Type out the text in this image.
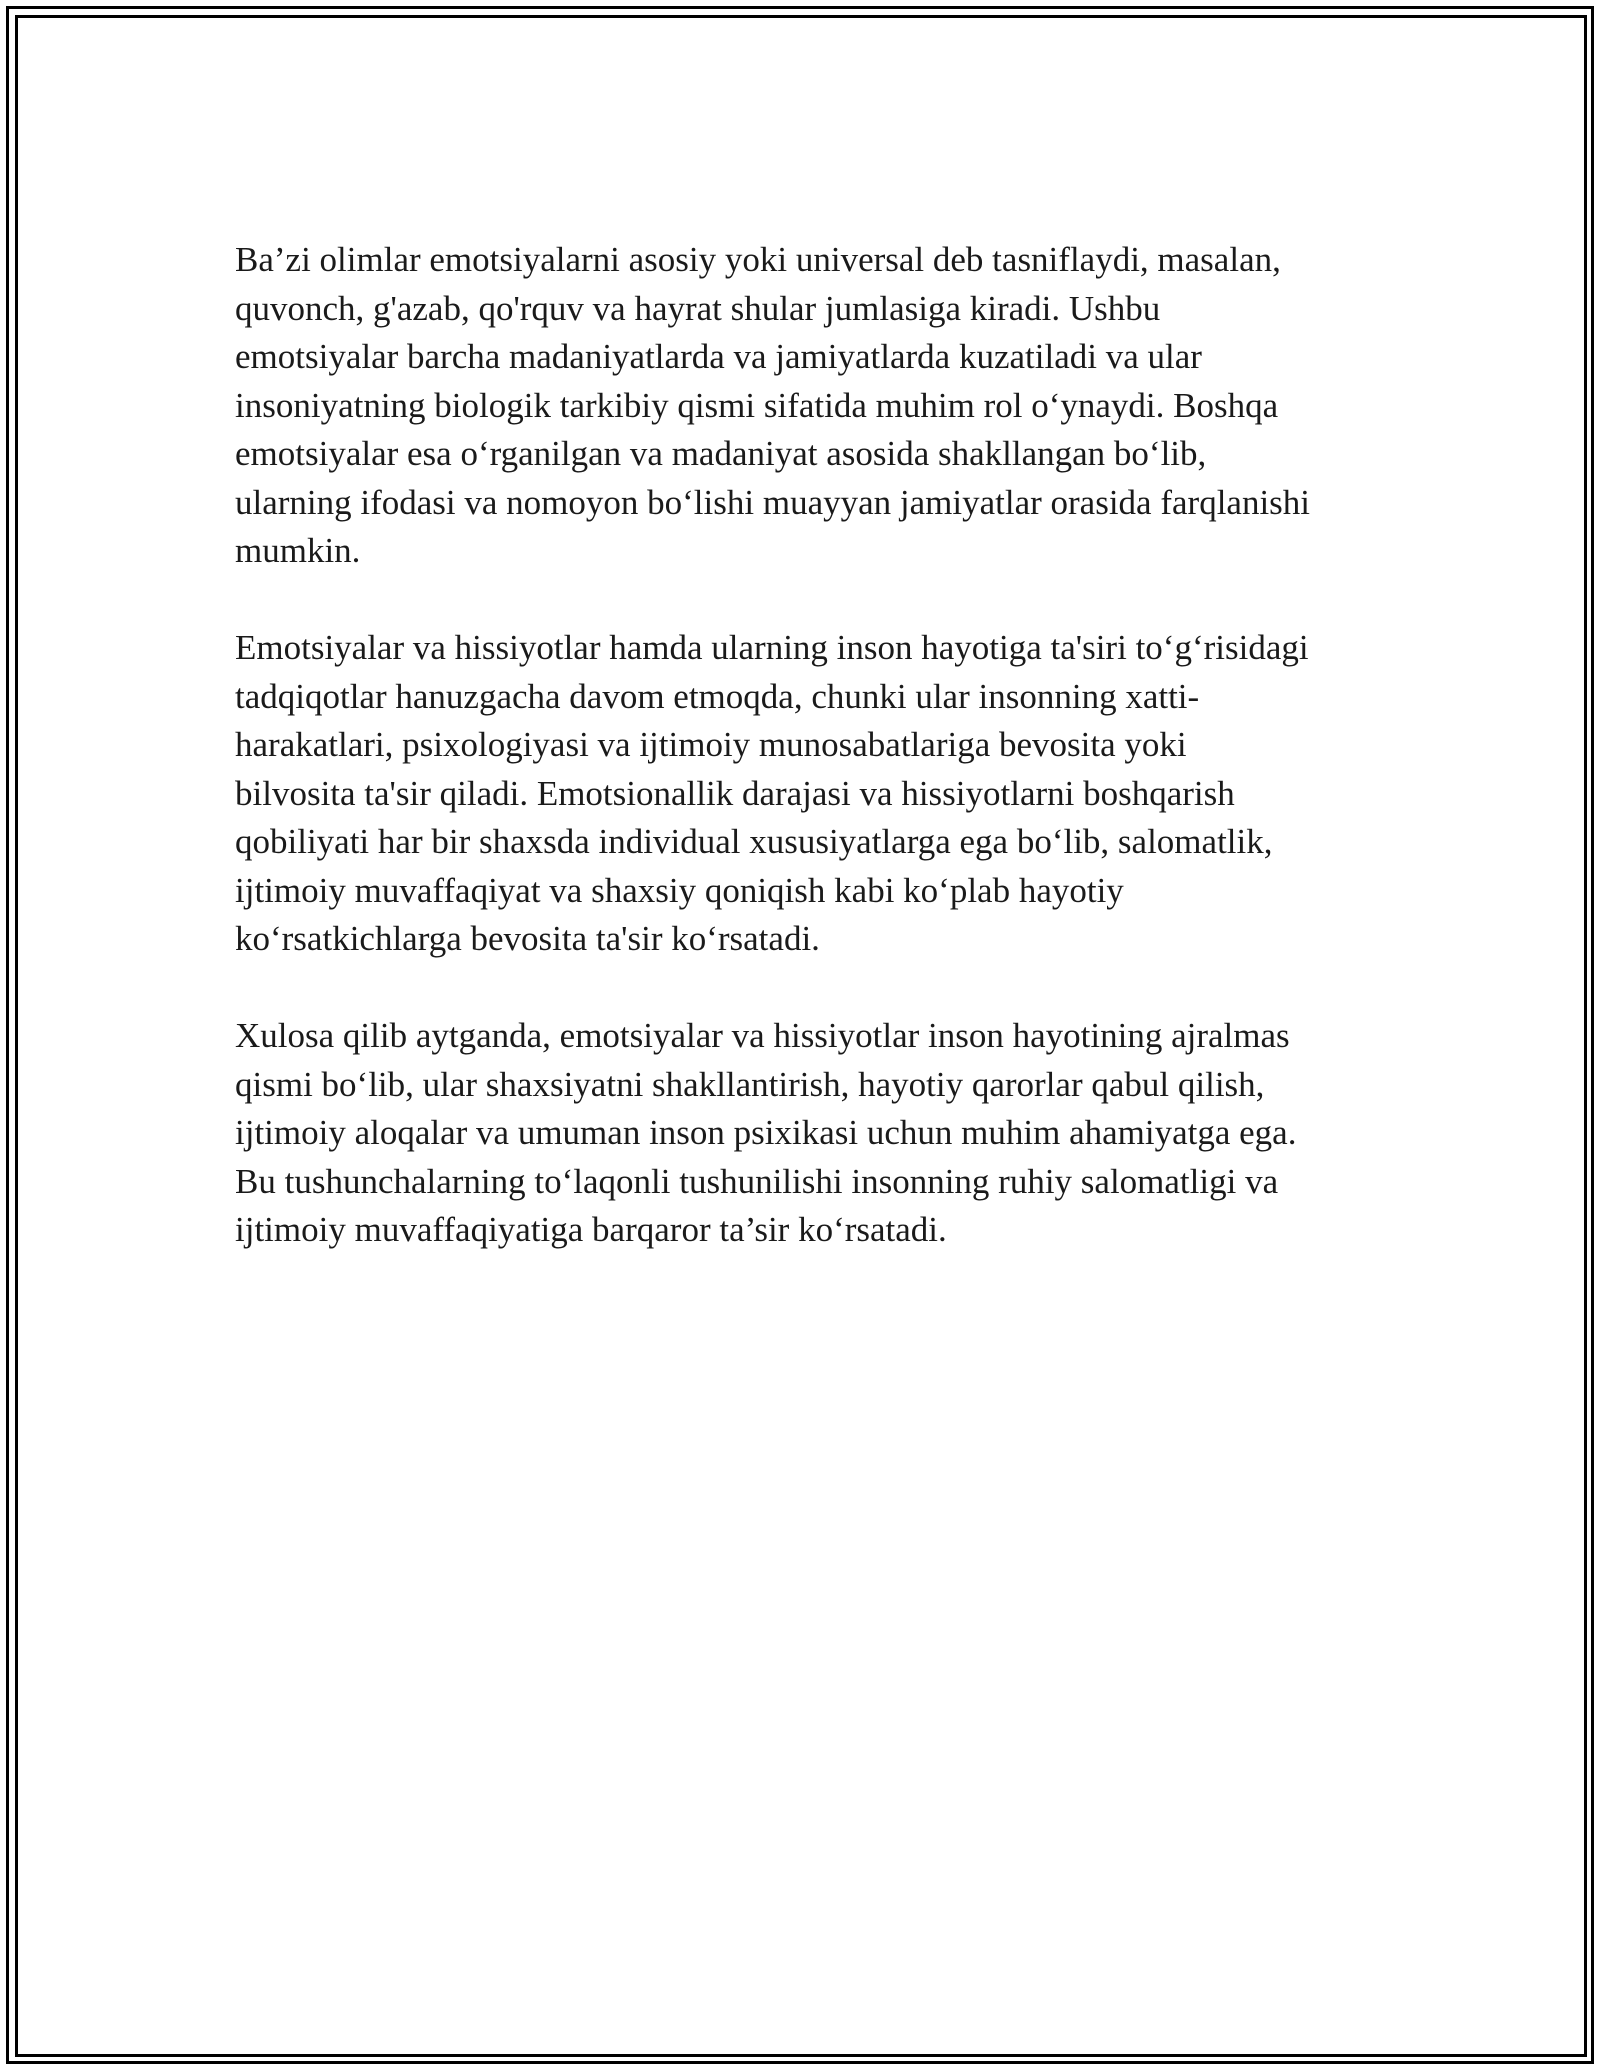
Ba’zi olimlar emotsiyalarni asosiy yoki universal deb tasniflaydi, masalan,
quvonch, g'azab, qo'rquv va hayrat shular jumlasiga kiradi. Ushbu
emotsiyalar barcha madaniyatlarda va jamiyatlarda kuzatiladi va ular
insoniyatning biologik tarkibiy qismi sifatida muhim rol o‘ynaydi. Boshqa
emotsiyalar esa o‘rganilgan va madaniyat asosida shakllangan bo‘lib,
ularning ifodasi va nomoyon bo‘lishi muayyan jamiyatlar orasida farqlanishi
mumkin.

Emotsiyalar va hissiyotlar hamda ularning inson hayotiga ta'siri to‘g‘risidagi
tadqiqotlar hanuzgacha davom etmoqda, chunki ular insonning xatti-
harakatlari, psixologiyasi va ijtimoiy munosabatlariga bevosita yoki
bilvosita ta'sir qiladi. Emotsionallik darajasi va hissiyotlarni boshqarish
qobiliyati har bir shaxsda individual xususiyatlarga ega bo‘lib, salomatlik,
ijtimoiy muvaffaqiyat va shaxsiy qoniqish kabi ko‘plab hayotiy
ko‘rsatkichlarga bevosita ta'sir ko‘rsatadi.

Xulosa qilib aytganda, emotsiyalar va hissiyotlar inson hayotining ajralmas
qismi bo‘lib, ular shaxsiyatni shakllantirish, hayotiy qarorlar qabul qilish,
ijtimoiy aloqalar va umuman inson psixikasi uchun muhim ahamiyatga ega.
Bu tushunchalarning to‘laqonli tushunilishi insonning ruhiy salomatligi va
ijtimoiy muvaffaqiyatiga barqaror ta’sir ko‘rsatadi.
